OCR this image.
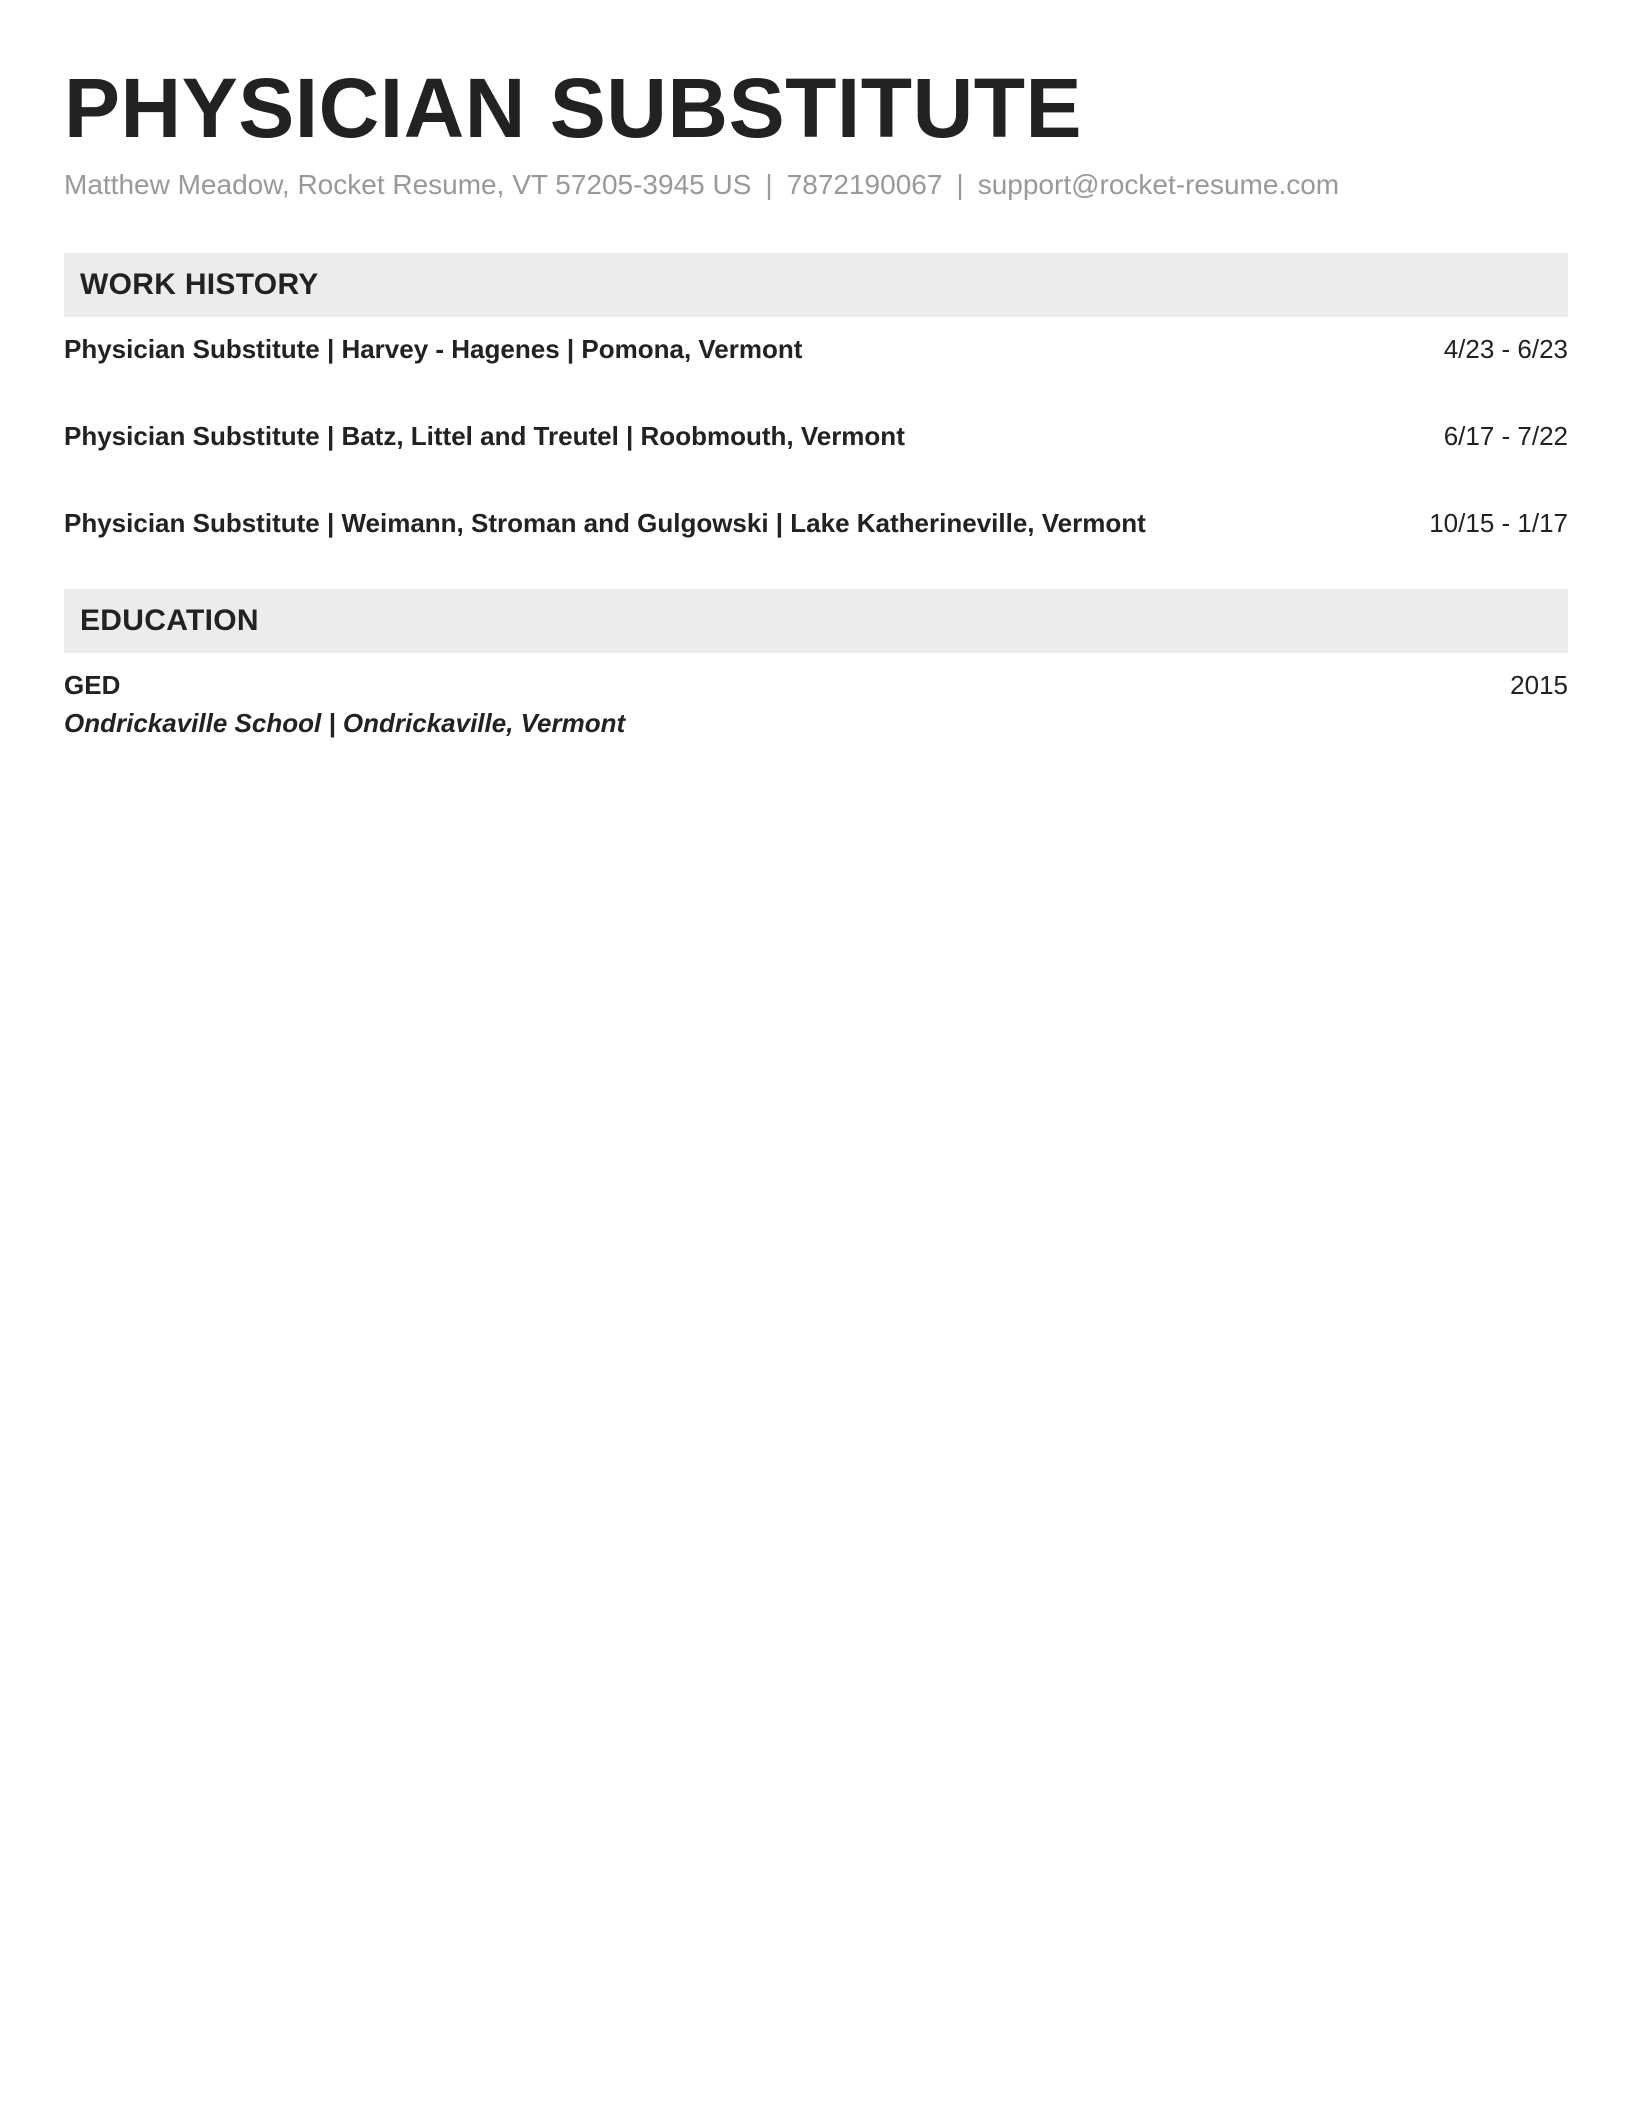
PHYSICIAN SUBSTITUTE
Matthew Meadow, Rocket Resume, VT 57205-3945 US | 7872190067 | support@rocket-resume.com
WORK HISTORY
Physician Substitute | Harvey - Hagenes | Pomona, Vermont	4/23 - 6/23
Physician Substitute | Batz, Littel and Treutel | Roobmouth, Vermont	6/17 - 7/22
Physician Substitute | Weimann, Stroman and Gulgowski | Lake Katherineville, Vermont	10/15 - 1/17
EDUCATION
GED	2015
Ondrickaville School | Ondrickaville, Vermont
